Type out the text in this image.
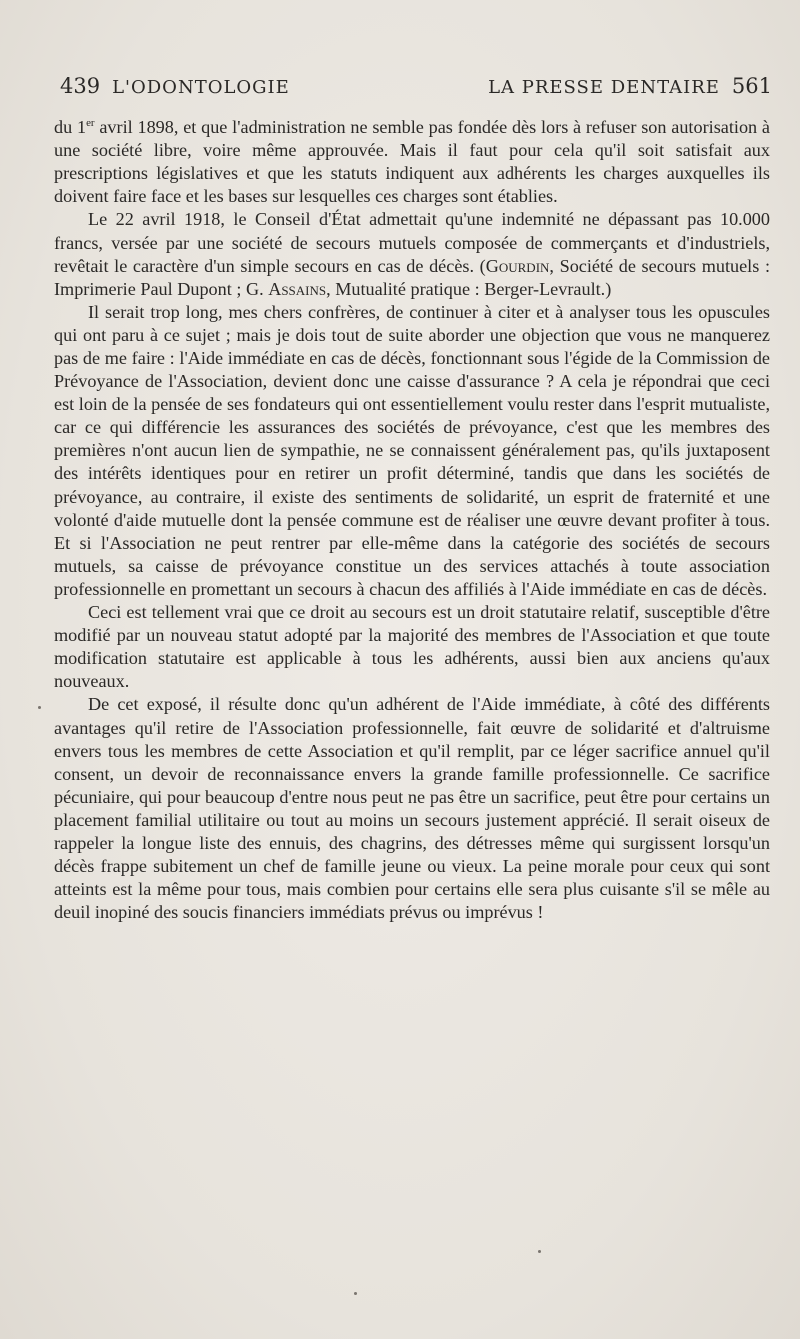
439 L'ODONTOLOGIE	LA PRESSE DENTAIRE 561

du 1er avril 1898, et que l'administration ne semble pas fondée dès lors à refuser son autorisation à une société libre, voire même approuvée. Mais il faut pour cela qu'il soit satisfait aux prescriptions législatives et que les statuts indiquent aux adhérents les charges auxquelles ils doivent faire face et les bases sur lesquelles ces charges sont établies.

Le 22 avril 1918, le Conseil d'État admettait qu'une indemnité ne dépassant pas 10.000 francs, versée par une société de secours mutuels composée de commerçants et d'industriels, revêtait le caractère d'un simple secours en cas de décès. (Gourdin, Société de secours mutuels : Imprimerie Paul Dupont ; G. Assains, Mutualité pratique : Berger-Levrault.)

Il serait trop long, mes chers confrères, de continuer à citer et à analyser tous les opuscules qui ont paru à ce sujet ; mais je dois tout de suite aborder une objection que vous ne manquerez pas de me faire : l'Aide immédiate en cas de décès, fonctionnant sous l'égide de la Commission de Prévoyance de l'Association, devient donc une caisse d'assurance ? A cela je répondrai que ceci est loin de la pensée de ses fondateurs qui ont essentiellement voulu rester dans l'esprit mutualiste, car ce qui différencie les assurances des sociétés de prévoyance, c'est que les membres des premières n'ont aucun lien de sympathie, ne se connaissent généralement pas, qu'ils juxtaposent des intérêts identiques pour en retirer un profit déterminé, tandis que dans les sociétés de prévoyance, au contraire, il existe des sentiments de solidarité, un esprit de fraternité et une volonté d'aide mutuelle dont la pensée commune est de réaliser une œuvre devant profiter à tous. Et si l'Association ne peut rentrer par elle-même dans la catégorie des sociétés de secours mutuels, sa caisse de prévoyance constitue un des services attachés à toute association professionnelle en promettant un secours à chacun des affiliés à l'Aide immédiate en cas de décès.

Ceci est tellement vrai que ce droit au secours est un droit statutaire relatif, susceptible d'être modifié par un nouveau statut adopté par la majorité des membres de l'Association et que toute modification statutaire est applicable à tous les adhérents, aussi bien aux anciens qu'aux nouveaux.

De cet exposé, il résulte donc qu'un adhérent de l'Aide immédiate, à côté des différents avantages qu'il retire de l'Association professionnelle, fait œuvre de solidarité et d'altruisme envers tous les membres de cette Association et qu'il remplit, par ce léger sacrifice annuel qu'il consent, un devoir de reconnaissance envers la grande famille professionnelle. Ce sacrifice pécuniaire, qui pour beaucoup d'entre nous peut ne pas être un sacrifice, peut être pour certains un placement familial utilitaire ou tout au moins un secours justement apprécié. Il serait oiseux de rappeler la longue liste des ennuis, des chagrins, des détresses même qui surgissent lorsqu'un décès frappe subitement un chef de famille jeune ou vieux. La peine morale pour ceux qui sont atteints est la même pour tous, mais combien pour certains elle sera plus cuisante s'il se mêle au deuil inopiné des soucis financiers immédiats prévus ou imprévus !
